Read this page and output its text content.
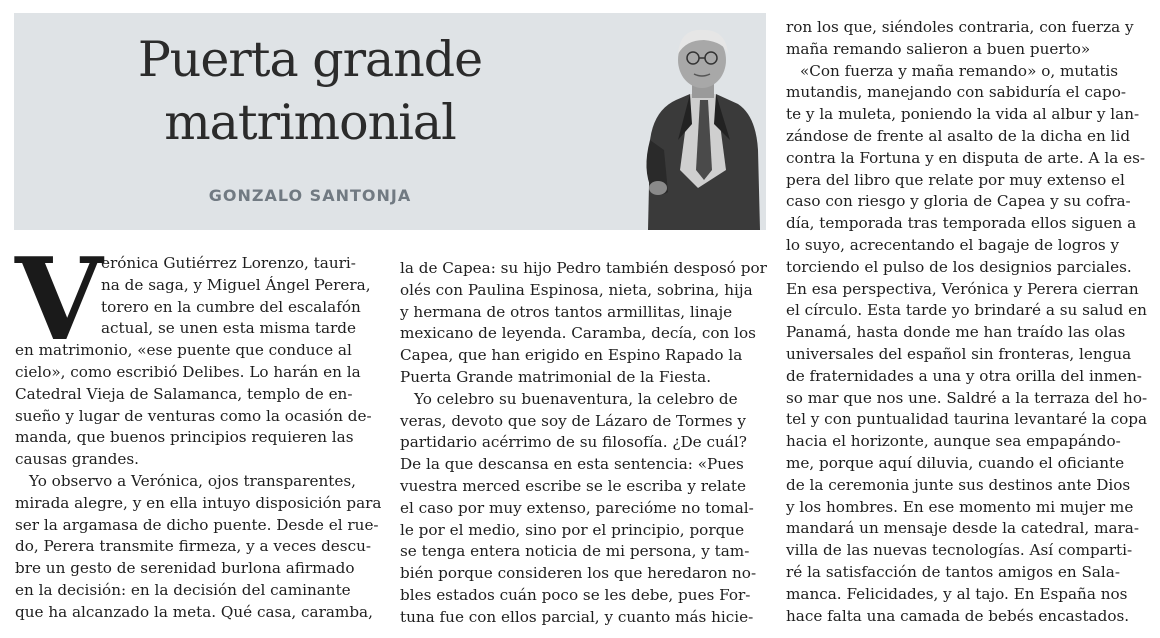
Puerta grande
matrimonial
GONZALO SANTONJA
V

erónica Gutiérrez Lorenzo, tauri-

na de saga, y Miguel Ángel Perera,

torero en la cumbre del escalafón

actual, se unen esta misma tarde

en matrimonio, «ese puente que conduce al

cielo», como escribió Delibes. Lo harán en la

Catedral Vieja de Salamanca, templo de en-

sueño y lugar de venturas como la ocasión de-

manda, que buenos principios requieren las

causas grandes.

Yo observo a Verónica, ojos transparentes,

mirada alegre, y en ella intuyo disposición para

ser la argamasa de dicho puente. Desde el rue-

do, Perera transmite firmeza, y a veces descu-

bre un gesto de serenidad burlona afirmado

en la decisión: en la decisión del caminante

que ha alcanzado la meta. Qué casa, caramba,

la de Capea: su hijo Pedro también desposó por

olés con Paulina Espinosa, nieta, sobrina, hija

y hermana de otros tantos armillitas, linaje

mexicano de leyenda. Caramba, decía, con los

Capea, que han erigido en Espino Rapado la

Puerta Grande matrimonial de la Fiesta.

Yo celebro su buenaventura, la celebro de

veras, devoto que soy de Lázaro de Tormes y

partidario acérrimo de su filosofía. ¿De cuál?

De la que descansa en esta sentencia: «Pues

vuestra merced escribe se le escriba y relate

el caso por muy extenso, parecióme no tomal-

le por el medio, sino por el principio, porque

se tenga entera noticia de mi persona, y tam-

bién porque consideren los que heredaron no-

bles estados cuán poco se les debe, pues For-

tuna fue con ellos parcial, y cuanto más hicie-

ron los que, siéndoles contraria, con fuerza y

maña remando salieron a buen puerto»

«Con fuerza y maña remando» o, mutatis

mutandis, manejando con sabiduría el capo-

te y la muleta, poniendo la vida al albur y lan-

zándose de frente al asalto de la dicha en lid

contra la Fortuna y en disputa de arte. A la es-

pera del libro que relate por muy extenso el

caso con riesgo y gloria de Capea y su cofra-

día, temporada tras temporada ellos siguen a

lo suyo, acrecentando el bagaje de logros y

torciendo el pulso de los designios parciales.

En esa perspectiva, Verónica y Perera cierran

el círculo. Esta tarde yo brindaré a su salud en

Panamá, hasta donde me han traído las olas

universales del español sin fronteras, lengua

de fraternidades a una y otra orilla del inmen-

so mar que nos une. Saldré a la terraza del ho-

tel y con puntualidad taurina levantaré la copa

hacia el horizonte, aunque sea empapándo-

me, porque aquí diluvia, cuando el oficiante

de la ceremonia junte sus destinos ante Dios

y los hombres. En ese momento mi mujer me

mandará un mensaje desde la catedral, mara-

villa de las nuevas tecnologías. Así comparti-

ré la satisfacción de tantos amigos en Sala-

manca. Felicidades, y al tajo. En España nos

hace falta una camada de bebés encastados.
